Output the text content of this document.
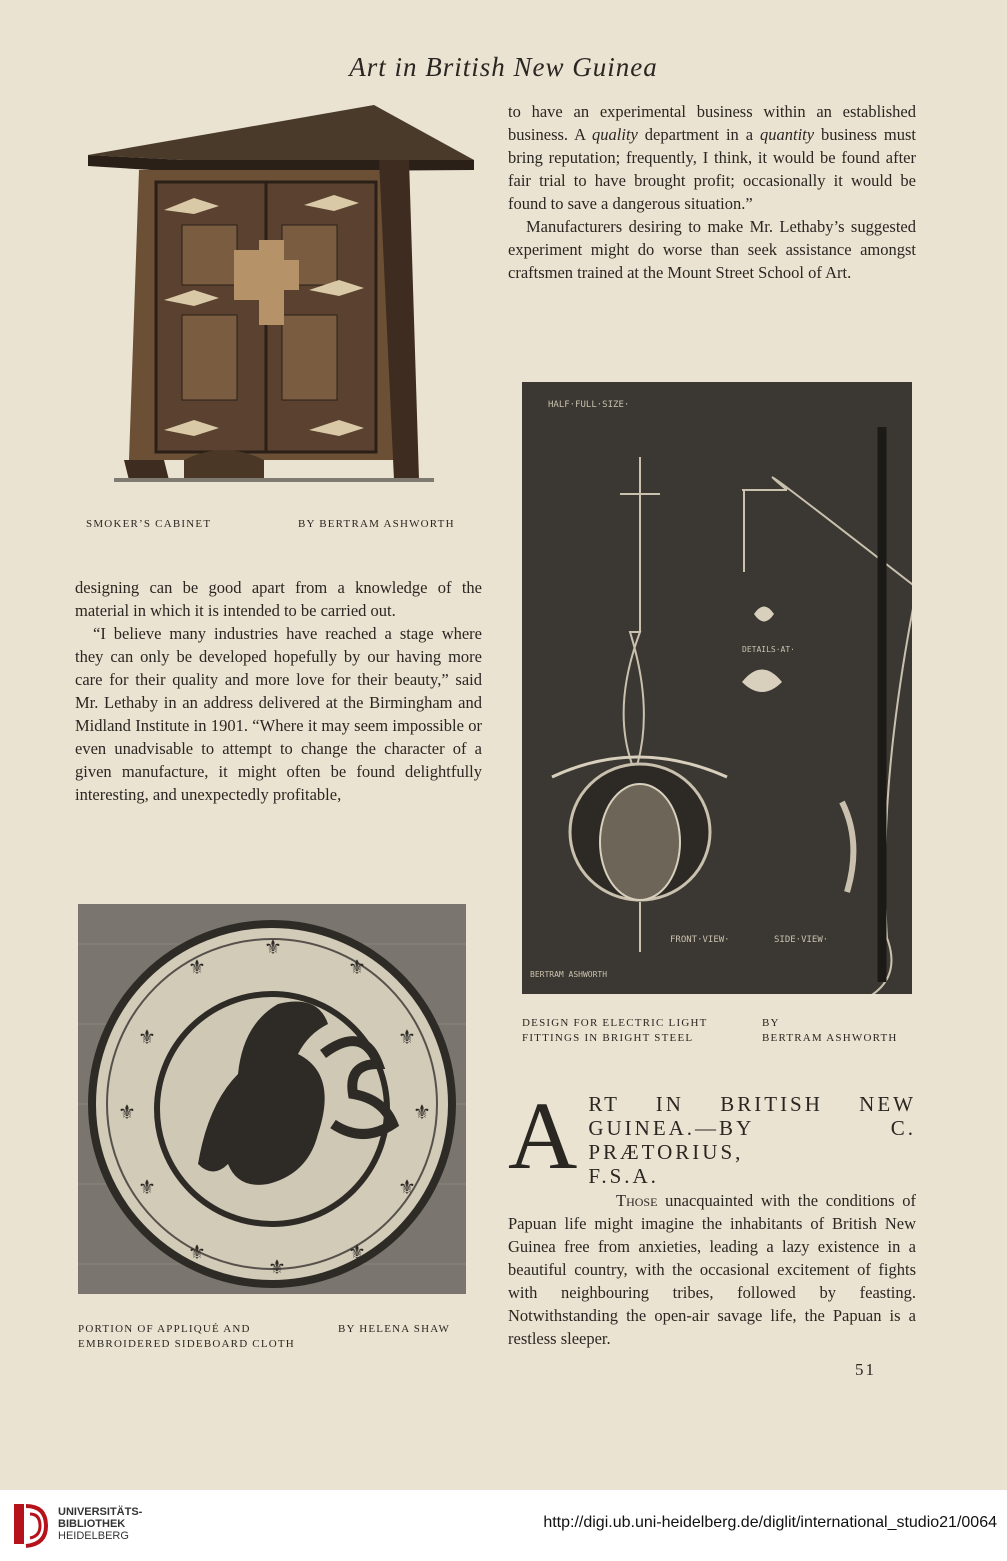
Art in British New Guinea
SMOKER’S CABINET	BY BERTRAM ASHWORTH

to have an experimental business within an established business. A quality department in a quantity business must bring reputation; frequently, I think, it would be found after fair trial to have brought profit; occasionally it would be found to save a dangerous situation.”

Manufacturers desiring to make Mr. Lethaby’s suggested experiment might do worse than seek assistance amongst craftsmen trained at the Mount Street School of Art.

HALF·FULL·SIZE·
DETAILS·AT·
FRONT·VIEW·	SIDE·VIEW·
BERTRAM ASHWORTH
DESIGN FOR ELECTRIC LIGHT
FITTINGS IN BRIGHT STEEL
BY
BERTRAM ASHWORTH

designing can be good apart from a knowledge of the material in which it is intended to be carried out.

“I believe many industries have reached a stage where they can only be developed hopefully by our having more care for their quality and more love for their beauty,” said Mr. Lethaby in an address delivered at the Birmingham and Midland Institute in 1901. “Where it may seem impossible or even unadvisable to attempt to change the character of a given manufacture, it might often be found delightfully interesting, and unexpectedly profitable,

⚜
⚜	⚜
⚜	⚜
⚜	⚜
⚜	⚜
⚜
⚜
⚜
PORTION OF APPLIQUÉ AND
EMBROIDERED SIDEBOARD CLOTH
BY HELENA SHAW
A RT IN BRITISH NEW
GUINEA.—BY C. PRÆTORIUS,
F.S.A.

Those unacquainted with the conditions of Papuan life might imagine the inhabitants of British New Guinea free from anxieties, leading a lazy existence in a beautiful country, with the occasional excitement of fights with neighbouring tribes, followed by feasting. Notwithstanding the open-air savage life, the Papuan is a restless sleeper.

51
UNIVERSITÄTS-
BIBLIOTHEK
HEIDELBERG
http://digi.ub.uni-heidelberg.de/diglit/international_studio21/0064
